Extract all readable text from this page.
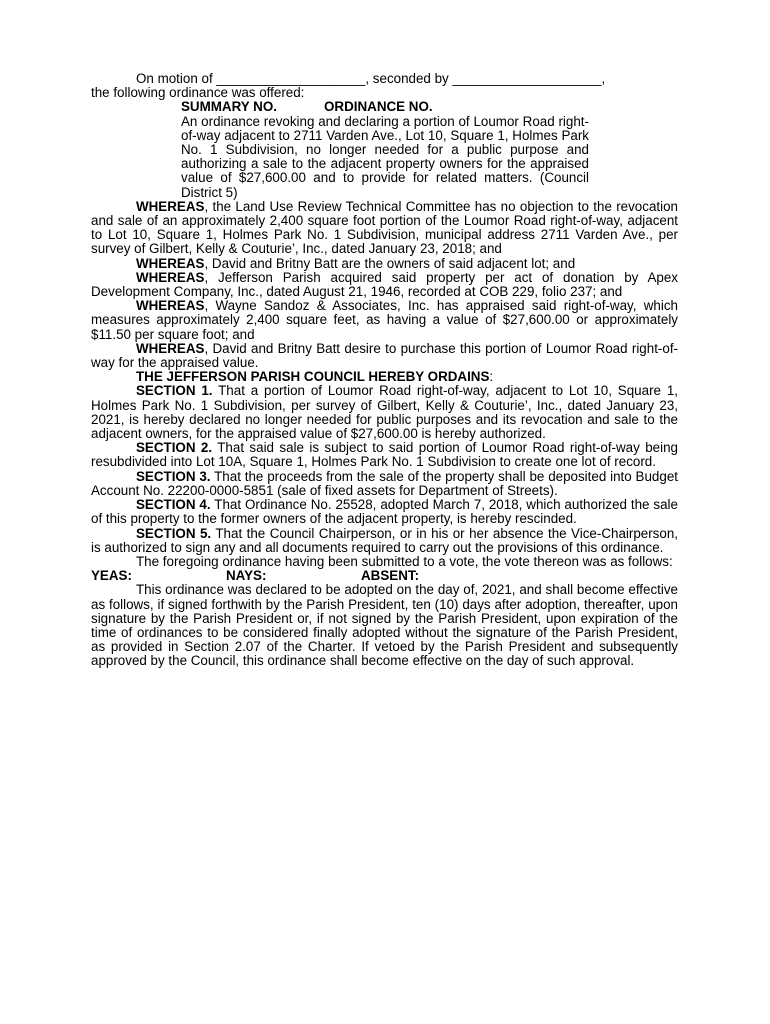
On motion of ____________________, seconded by ____________________,

the following ordinance was offered:

SUMMARY NO.	ORDINANCE NO.

An ordinance revoking and declaring a portion of Loumor Road right-of-way adjacent to 2711 Varden Ave., Lot 10, Square 1, Holmes Park No. 1 Subdivision, no longer needed for a public purpose and authorizing a sale to the adjacent property owners for the appraised value of $27,600.00 and to provide for related matters. (Council District 5)

WHEREAS, the Land Use Review Technical Committee has no objection to the revocation and sale of an approximately 2,400 square foot portion of the Loumor Road right-of-way, adjacent to Lot 10, Square 1, Holmes Park No. 1 Subdivision, municipal address 2711 Varden Ave., per survey of Gilbert, Kelly & Couturie’, Inc., dated January 23, 2018; and

WHEREAS, David and Britny Batt are the owners of said adjacent lot; and

WHEREAS, Jefferson Parish acquired said property per act of donation by Apex Development Company, Inc., dated August 21, 1946, recorded at COB 229, folio 237; and

WHEREAS, Wayne Sandoz & Associates, Inc. has appraised said right-of-way, which measures approximately 2,400 square feet, as having a value of $27,600.00 or approximately $11.50 per square foot; and

WHEREAS, David and Britny Batt desire to purchase this portion of Loumor Road right-of-way for the appraised value.

THE JEFFERSON PARISH COUNCIL HEREBY ORDAINS:

SECTION 1. That a portion of Loumor Road right-of-way, adjacent to Lot 10, Square 1, Holmes Park No. 1 Subdivision, per survey of Gilbert, Kelly & Couturie’, Inc., dated January 23, 2021, is hereby declared no longer needed for public purposes and its revocation and sale to the adjacent owners, for the appraised value of $27,600.00 is hereby authorized.

SECTION 2. That said sale is subject to said portion of Loumor Road right-of-way being resubdivided into Lot 10A, Square 1, Holmes Park No. 1 Subdivision to create one lot of record.

SECTION 3. That the proceeds from the sale of the property shall be deposited into Budget Account No. 22200-0000-5851 (sale of fixed assets for Department of Streets).

SECTION 4. That Ordinance No. 25528, adopted March 7, 2018, which authorized the sale of this property to the former owners of the adjacent property, is hereby rescinded.

SECTION 5. That the Council Chairperson, or in his or her absence the Vice-Chairperson, is authorized to sign any and all documents required to carry out the provisions of this ordinance.

The foregoing ordinance having been submitted to a vote, the vote thereon was as follows:

YEAS:	NAYS:	ABSENT:

This ordinance was declared to be adopted on the day of, 2021, and shall become effective as follows, if signed forthwith by the Parish President, ten (10) days after adoption, thereafter, upon signature by the Parish President or, if not signed by the Parish President, upon expiration of the time of ordinances to be considered finally adopted without the signature of the Parish President, as provided in Section 2.07 of the Charter. If vetoed by the Parish President and subsequently approved by the Council, this ordinance shall become effective on the day of such approval.
